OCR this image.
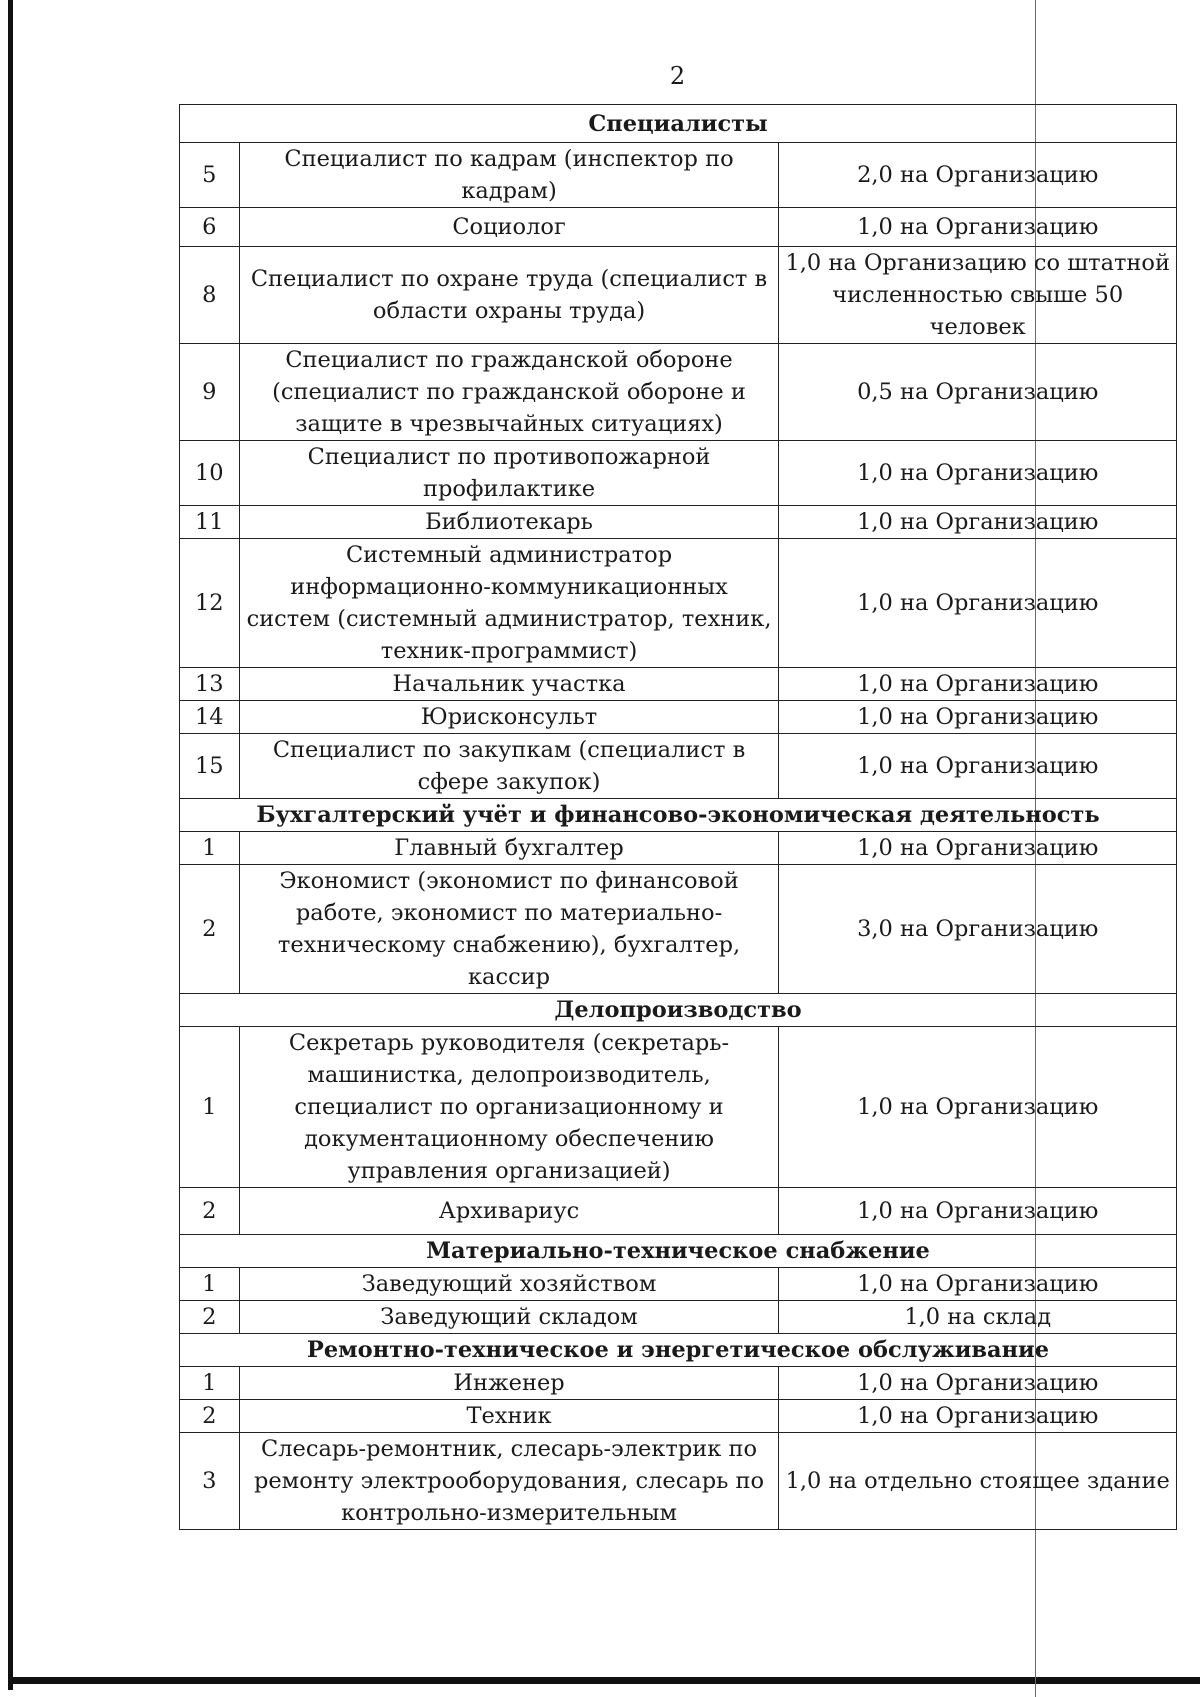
2
Специалисты		
5	Специалист по кадрам (инспектор по кадрам)	2,0 на Организацию
6	Социолог	1,0 на Организацию
8	Специалист по охране труда (специалист в области охраны труда)	1,0 на Организацию со штатной численностью свыше 50 человек
9	Специалист по гражданской обороне (специалист по гражданской обороне и защите в чрезвычайных ситуациях)	0,5 на Организацию
10	Специалист по противопожарной профилактике	1,0 на Организацию
11	Библиотекарь	1,0 на Организацию
12	Системный администратор информационно-коммуникационных систем (системный администратор, техник, техник-программист)	1,0 на Организацию
13	Начальник участка	1,0 на Организацию
14	Юрисконсульт	1,0 на Организацию
15	Специалист по закупкам (специалист в сфере закупок)	1,0 на Организацию
Бухгалтерский учёт и финансово-экономическая деятельность		
1	Главный бухгалтер	1,0 на Организацию
2	Экономист (экономист по финансовой работе, экономист по материально-техническому снабжению), бухгалтер, кассир	3,0 на Организацию
Делопроизводство		
1	Секретарь руководителя (секретарь-машинистка, делопроизводитель, специалист по организационному и документационному обеспечению управления организацией)	1,0 на Организацию
2	Архивариус	1,0 на Организацию
Материально-техническое снабжение		
1	Заведующий хозяйством	1,0 на Организацию
2	Заведующий складом	1,0 на склад
Ремонтно-техническое и энергетическое обслуживание		
1	Инженер	1,0 на Организацию
2	Техник	1,0 на Организацию
3	Слесарь-ремонтник, слесарь-электрик по ремонту электрооборудования, слесарь по контрольно-измерительным	1,0 на отдельно стоящее здание
